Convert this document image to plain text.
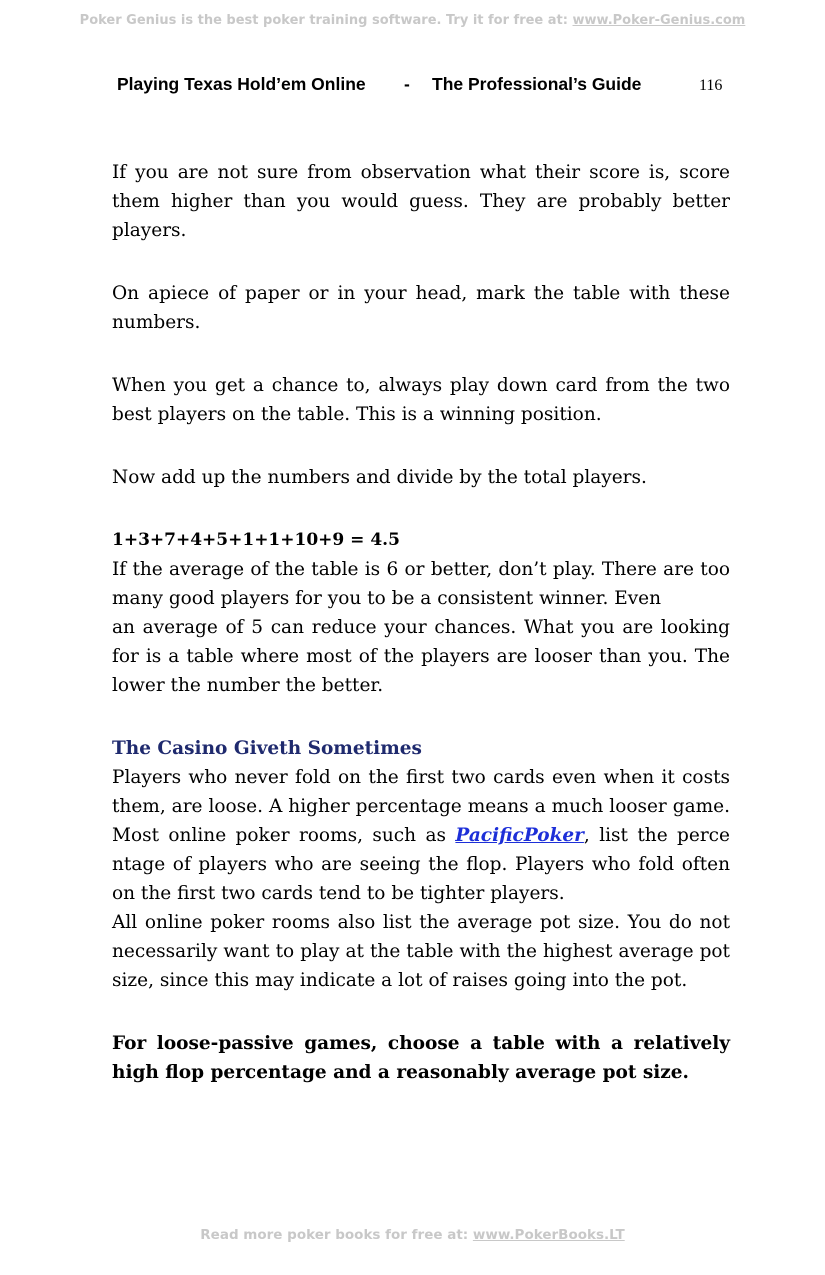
Poker Genius is the best poker training software. Try it for free at: www.Poker-Genius.com
Playing Texas Hold’em Online - The Professional’s Guide	116

If you are not sure from observation what their score is, score them higher than you would guess. They are probably better players.

On apiece of paper or in your head, mark the table with these numbers.

When you get a chance to, always play down card from the two best players on the table. This is a winning position.

Now add up the numbers and divide by the total players.

1+3+7+4+5+1+1+10+9 = 4.5

If the average of the table is 6 or better, don’t play. There are too many good players for you to be a consistent winner. Even

an average of 5 can reduce your chances. What you are looking for is a table where most of the players are looser than you. The lower the number the better.

The Casino Giveth Sometimes

Players who never fold on the first two cards even when it costs them, are loose. A higher percentage means a much looser game. Most online poker rooms, such as PacificPoker, list the perce ntage of players who are seeing the flop. Players who fold often on the first two cards tend to be tighter players.

All online poker rooms also list the average pot size. You do not necessarily want to play at the table with the highest average pot size, since this may indicate a lot of raises going into the pot.

For loose-passive games, choose a table with a relatively high flop percentage and a reasonably average pot size.

Read more poker books for free at: www.PokerBooks.LT
